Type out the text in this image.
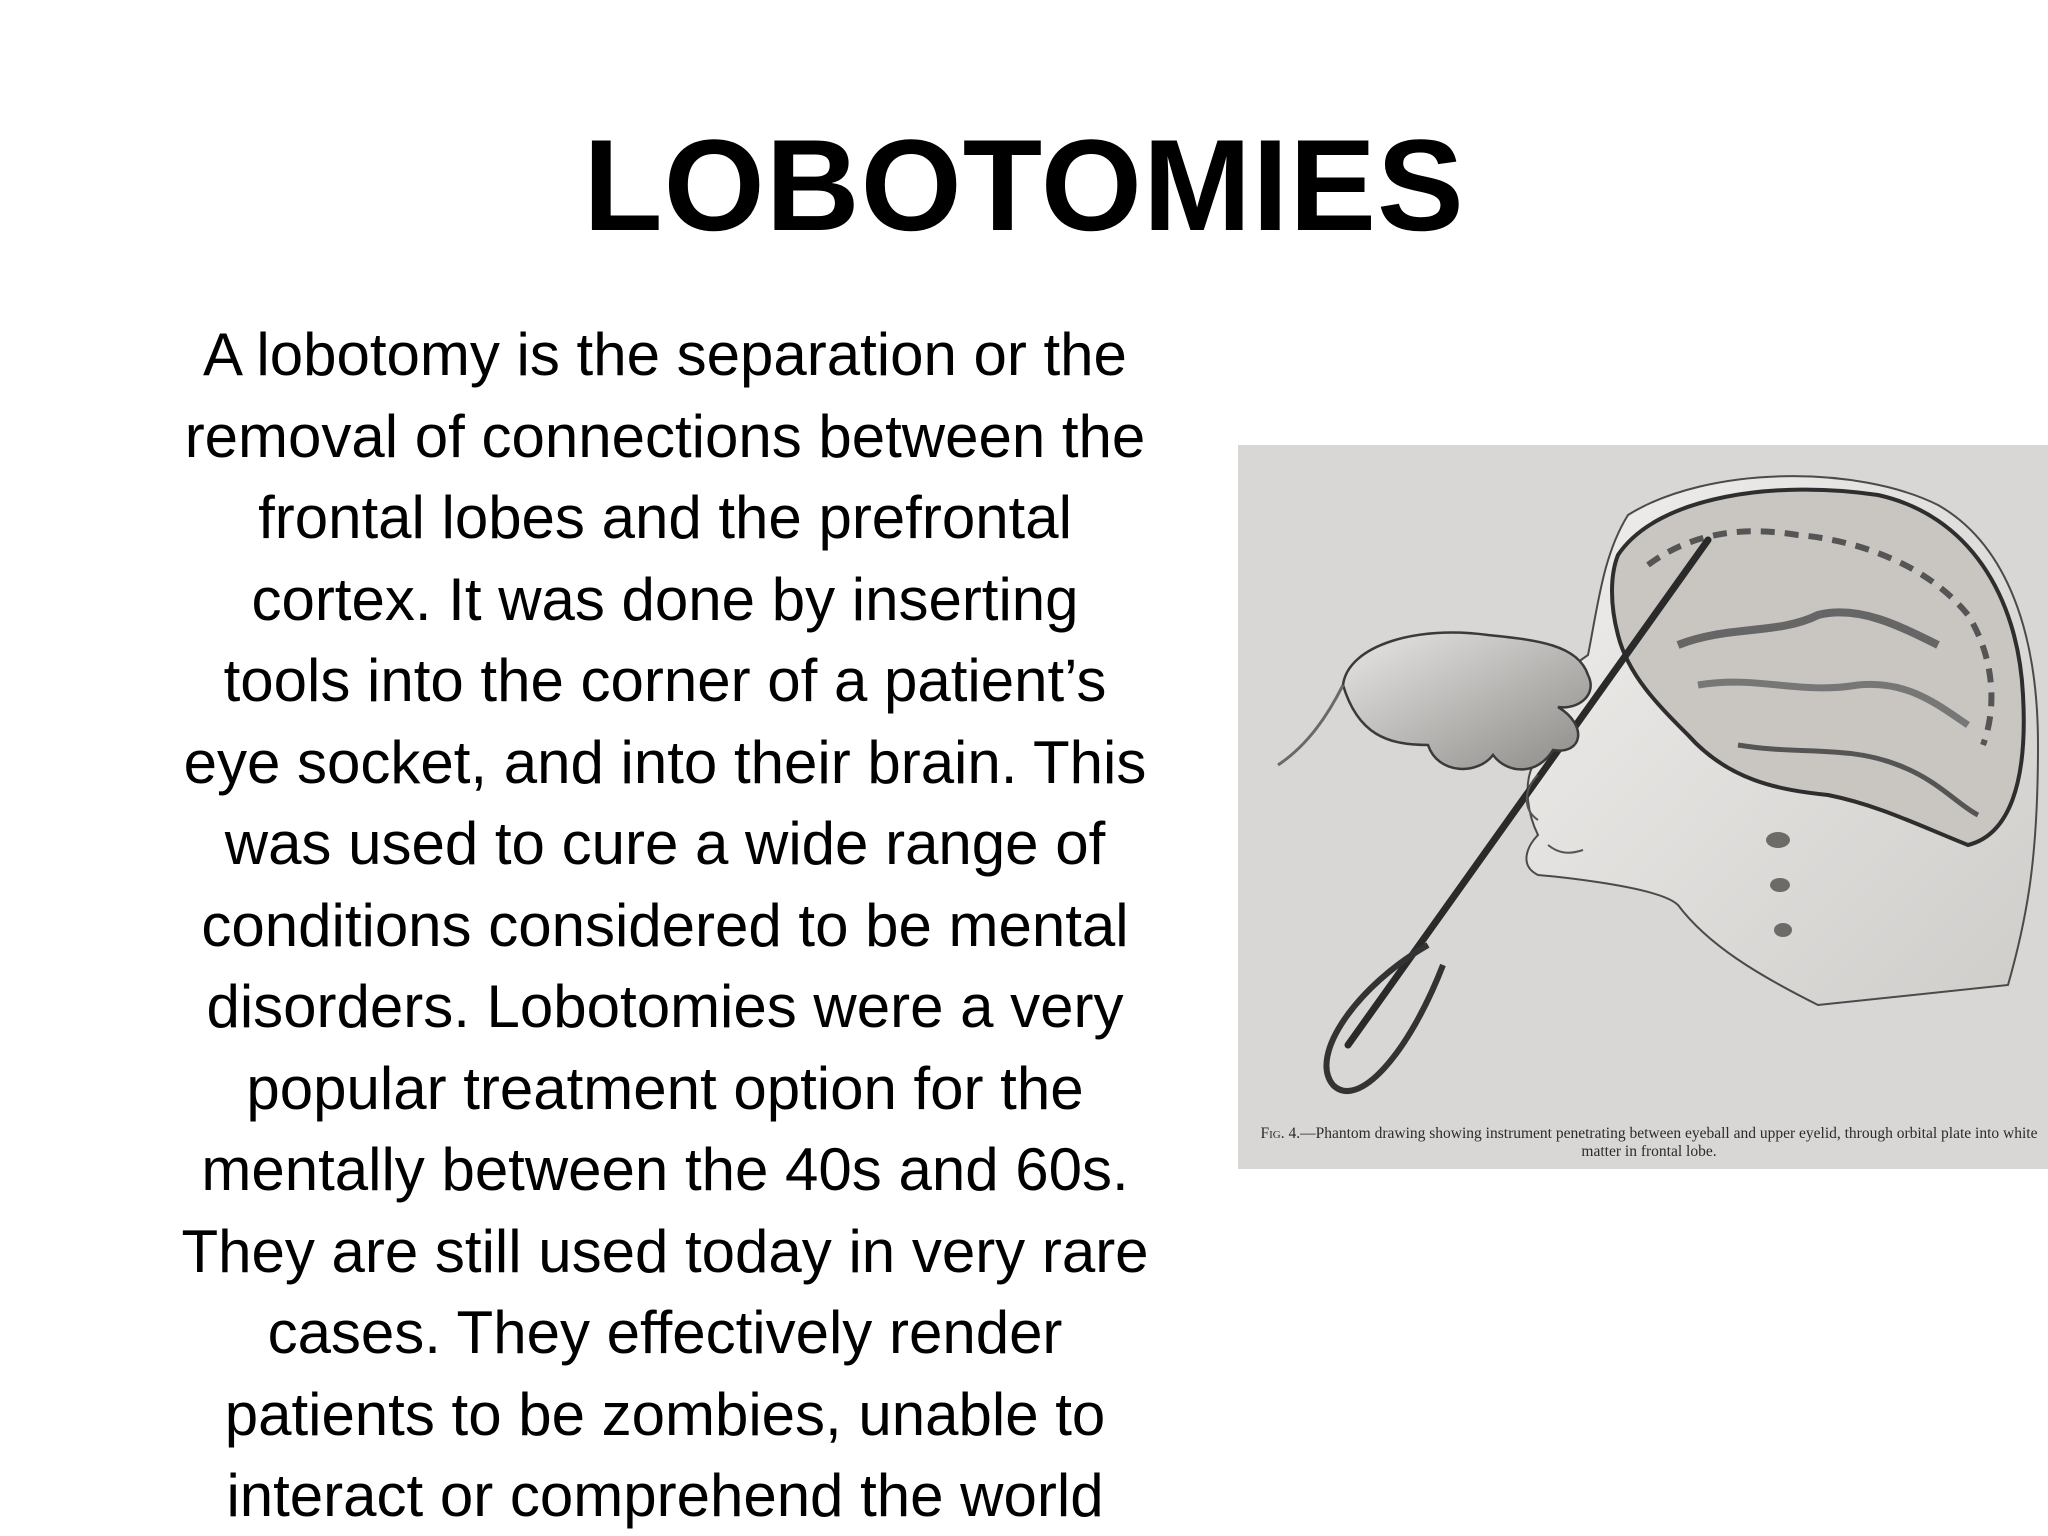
LOBOTOMIES

A lobotomy is the separation or the
removal of connections between the
frontal lobes and the prefrontal
cortex. It was done by inserting
tools into the corner of a patient’s
eye socket, and into their brain. This
was used to cure a wide range of
conditions considered to be mental
disorders. Lobotomies were a very
popular treatment option for the
mentally between the 40s and 60s.
They are still used today in very rare
cases. They effectively render
patients to be zombies, unable to
interact or comprehend the world

Fig. 4.—Phantom drawing showing instrument penetrating between eyeball and upper eyelid, through orbital plate into white matter in frontal lobe.
